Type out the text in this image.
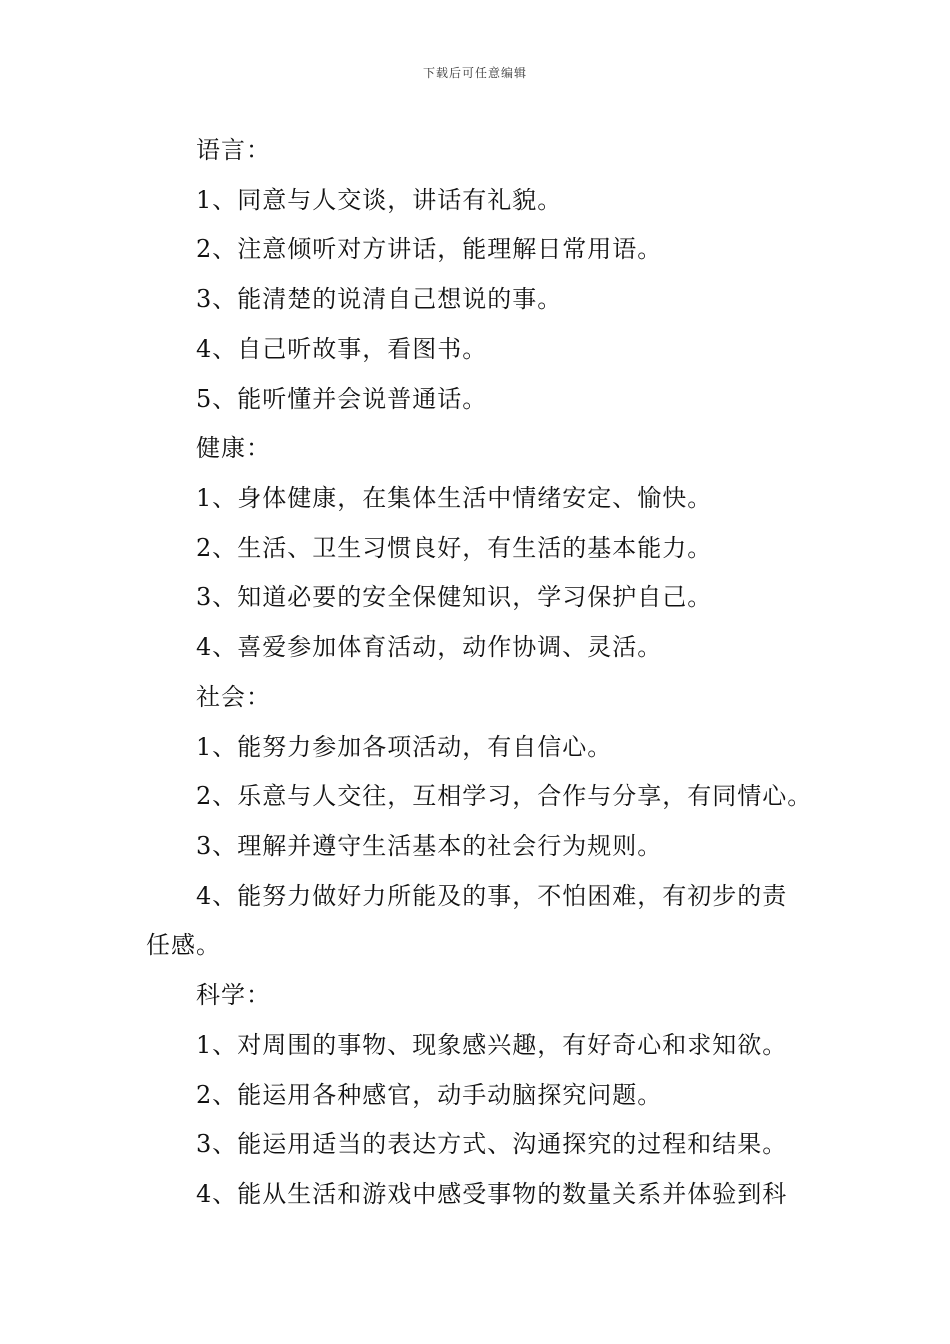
下载后可任意编辑
语言：
1、同意与人交谈，讲话有礼貌。
2、注意倾听对方讲话，能理解日常用语。
3、能清楚的说清自己想说的事。
4、自己听故事，看图书。
5、能听懂并会说普通话。
健康：
1、身体健康，在集体生活中情绪安定、愉快。
2、生活、卫生习惯良好，有生活的基本能力。
3、知道必要的安全保健知识，学习保护自己。
4、喜爱参加体育活动，动作协调、灵活。
社会：
1、能努力参加各项活动，有自信心。
2、乐意与人交往，互相学习，合作与分享，有同情心。
3、理解并遵守生活基本的社会行为规则。
4、能努力做好力所能及的事，不怕困难，有初步的责
任感。
科学：
1、对周围的事物、现象感兴趣，有好奇心和求知欲。
2、能运用各种感官，动手动脑探究问题。
3、能运用适当的表达方式、沟通探究的过程和结果。
4、能从生活和游戏中感受事物的数量关系并体验到科
